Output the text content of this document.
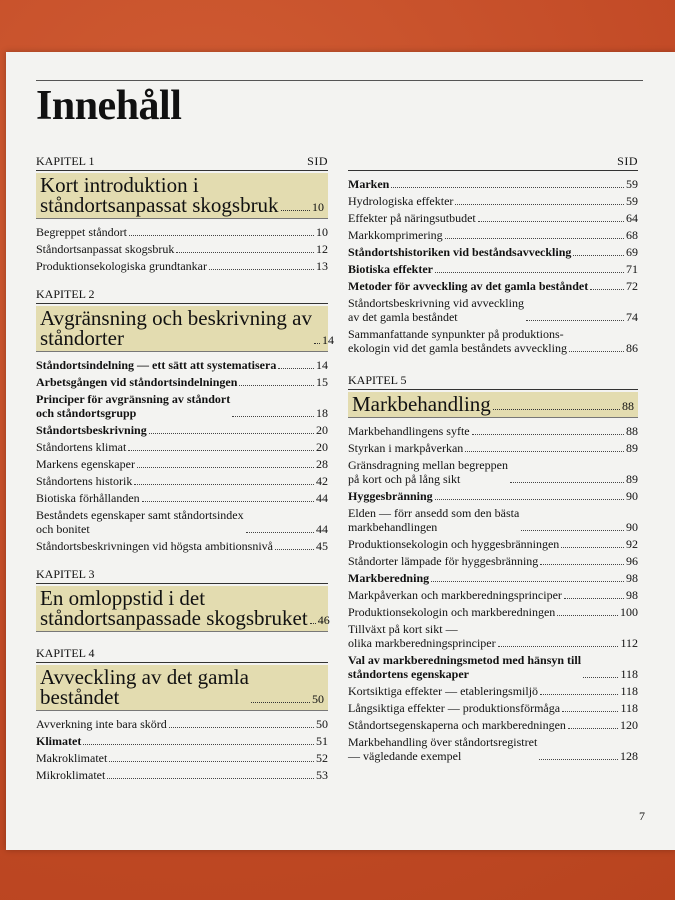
Innehåll
KAPITEL 1	SID
Kort introduktion i
ståndortsanpassat skogsbruk	10
Begreppet ståndort	10
Ståndortsanpassat skogsbruk	12
Produktionsekologiska grundtankar	13
KAPITEL 2
Avgränsning och beskrivning av
ståndorter	14
Ståndortsindelning — ett sätt att systematisera	14
Arbetsgången vid ståndortsindelningen	15
Principer för avgränsning av ståndort
och ståndortsgrupp	18
Ståndortsbeskrivning	20
Ståndortens klimat	20
Markens egenskaper	28
Ståndortens historik	42
Biotiska förhållanden	44
Beståndets egenskaper samt ståndortsindex
och bonitet	44
Ståndortsbeskrivningen vid högsta ambitionsnivå	45
KAPITEL 3
En omloppstid i det
ståndortsanpassade skogsbruket 46
KAPITEL 4
Avveckling av det gamla
beståndet	50
Avverkning inte bara skörd	50
Klimatet	51
Makroklimatet	52
Mikroklimatet	53
SID
Marken	59
Hydrologiska effekter	59
Effekter på näringsutbudet	64
Markkomprimering	68
Ståndortshistoriken vid beståndsavveckling	69
Biotiska effekter	71
Metoder för avveckling av det gamla beståndet	72
Ståndortsbeskrivning vid avveckling
av det gamla beståndet	74
Sammanfattande synpunkter på produktions-
ekologin vid det gamla beståndets avveckling	86
KAPITEL 5
Markbehandling	88
Markbehandlingens syfte	88
Styrkan i markpåverkan	89
Gränsdragning mellan begreppen
på kort och på lång sikt	89
Hyggesbränning	90
Elden — förr ansedd som den bästa
markbehandlingen	90
Produktionsekologin och hyggesbränningen	92
Ståndorter lämpade för hyggesbränning	96
Markberedning	98
Markpåverkan och markberedningsprinciper	98
Produktionsekologin och markberedningen	100
Tillväxt på kort sikt —
olika markberedningsprinciper	112
Val av markberedningsmetod med hänsyn till
ståndortens egenskaper	118
Kortsiktiga effekter — etableringsmiljö	118
Långsiktiga effekter — produktionsförmåga	118
Ståndortsegenskaperna och markberedningen	120
Markbehandling över ståndortsregistret
— vägledande exempel	128
7
